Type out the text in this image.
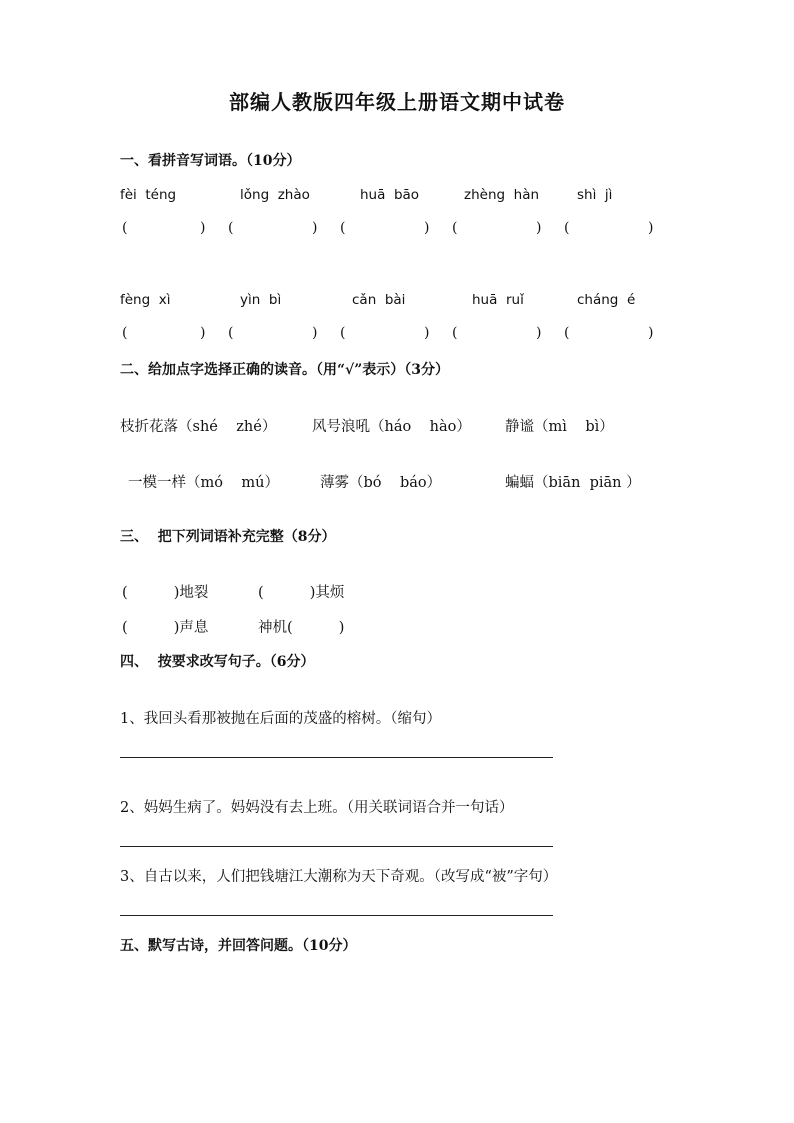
部编人教版四年级上册语文期中试卷
一、看拼音写词语。（10分）
fèi  téng	lǒng  zhào	huā  bāo	zhèng  hàn	shì  jì
(	) (	) (	) (	) (	)
fèng  xì	yìn  bì	cǎn  bài	huā  ruǐ	cháng  é
(	) (	) (	) (	) (	)
二、给加点字选择正确的读音。（用“√”表示）（3分）
枝折花落（shé    zhé） 风号浪吼（háo    hào） 静谧（mì    bì）
一模一样（mó    mú）	薄雾（bó    báo）	蝙蝠（biān  piān ）
三、  把下列词语补充完整（8分）
(          )地裂	(          )其烦
(          )声息	神机(          )
四、  按要求改写句子。（6分）
1、我回头看那被抛在后面的茂盛的榕树。（缩句）
2、妈妈生病了。妈妈没有去上班。（用关联词语合并一句话）
3、自古以来，人们把钱塘江大潮称为天下奇观。（改写成“被”字句）
五、默写古诗，并回答问题。（10分）
